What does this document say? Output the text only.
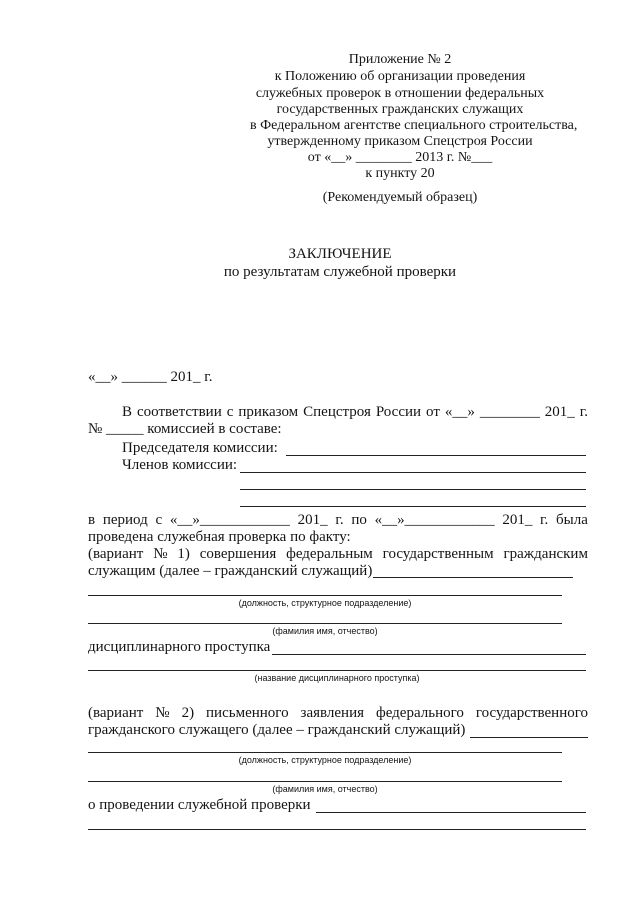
Приложение № 2
к Положению об организации проведения
служебных проверок в отношении федеральных
государственных гражданских служащих
в Федеральном агентстве специального строительства,
утвержденному приказом Спецстроя России
от «__» ________ 2013 г. №___
к пункту 20
(Рекомендуемый образец)
ЗАКЛЮЧЕНИЕ
по результатам служебной проверки
«__» ______ 201_ г.
В соответствии с приказом Спецстроя России от «__» ________ 201_ г.
№ _____ комиссией в составе:
Председателя комиссии:
Членов комиссии:
в период с «__»____________ 201_ г. по «__»____________ 201_ г. была
проведена служебная проверка по факту:
(вариант № 1) совершения федеральным государственным гражданским
служащим (далее – гражданский служащий)
(должность, структурное подразделение)
(фамилия имя, отчество)
дисциплинарного проступка
(название дисциплинарного проступка)
(вариант № 2) письменного заявления федерального государственного
гражданского служащего (далее – гражданский служащий)
(должность, структурное подразделение)
(фамилия имя, отчество)
о проведении служебной проверки
